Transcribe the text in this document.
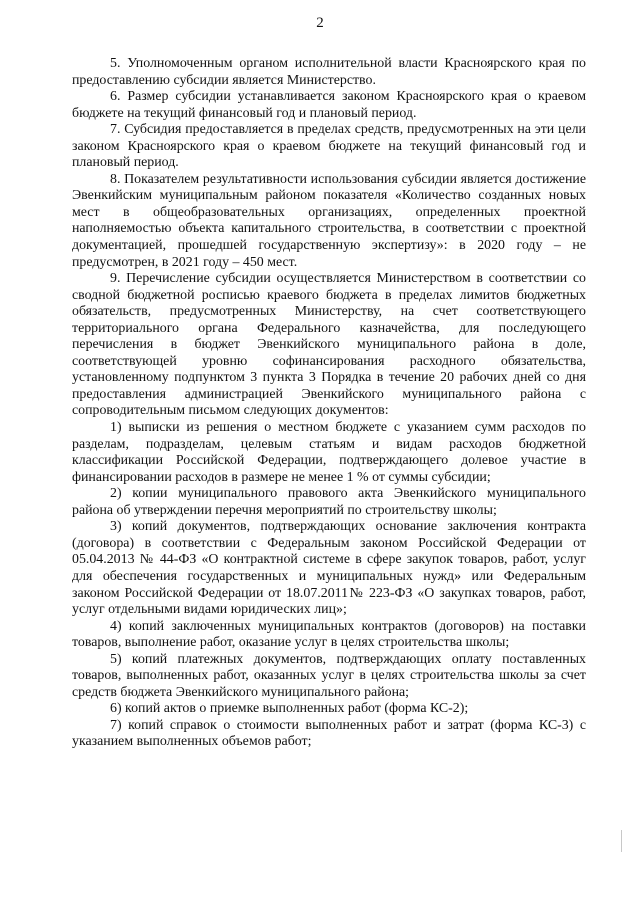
2

5. Уполномоченным органом исполнительной власти Красноярского края по предоставлению субсидии является Министерство.

6. Размер субсидии устанавливается законом Красноярского края о краевом бюджете на текущий финансовый год и плановый период.

7. Субсидия предоставляется в пределах средств, предусмотренных на эти цели законом Красноярского края о краевом бюджете на текущий финансовый год и плановый период.

8. Показателем результативности использования субсидии является достижение Эвенкийским муниципальным районом показателя «Количество созданных новых мест в общеобразовательных организациях, определенных проектной наполняемостью объекта капитального строительства, в соответствии с проектной документацией, прошедшей государственную экспертизу»: в 2020 году – не предусмотрен, в 2021 году – 450 мест.

9. Перечисление субсидии осуществляется Министерством в соответствии со сводной бюджетной росписью краевого бюджета в пределах лимитов бюджетных обязательств, предусмотренных Министерству, на счет соответствующего территориального органа Федерального казначейства, для последующего перечисления в бюджет Эвенкийского муниципального района в доле, соответствующей уровню софинансирования расходного обязательства, установленному подпунктом 3 пункта 3 Порядка в течение 20 рабочих дней со дня предоставления администрацией Эвенкийского муниципального района с сопроводительным письмом следующих документов:

1) выписки из решения о местном бюджете с указанием сумм расходов по разделам, подразделам, целевым статьям и видам расходов бюджетной классификации Российской Федерации, подтверждающего долевое участие в финансировании расходов в размере не менее 1 % от суммы субсидии;

2) копии муниципального правового акта Эвенкийского муниципального района об утверждении перечня мероприятий по строительству школы;

3) копий документов, подтверждающих основание заключения контракта (договора) в соответствии с Федеральным законом Российской Федерации от 05.04.2013 № 44-ФЗ «О контрактной системе в сфере закупок товаров, работ, услуг для обеспечения государственных и муниципальных нужд» или Федеральным законом Российской Федерации от 18.07.2011№ 223-ФЗ «О закупках товаров, работ, услуг отдельными видами юридических лиц»;

4) копий заключенных муниципальных контрактов (договоров) на поставки товаров, выполнение работ, оказание услуг в целях строительства школы;

5) копий платежных документов, подтверждающих оплату поставленных товаров, выполненных работ, оказанных услуг в целях строительства школы за счет средств бюджета Эвенкийского муниципального района;

6) копий актов о приемке выполненных работ (форма КС-2);

7) копий справок о стоимости выполненных работ и затрат (форма КС-3) с указанием выполненных объемов работ;
